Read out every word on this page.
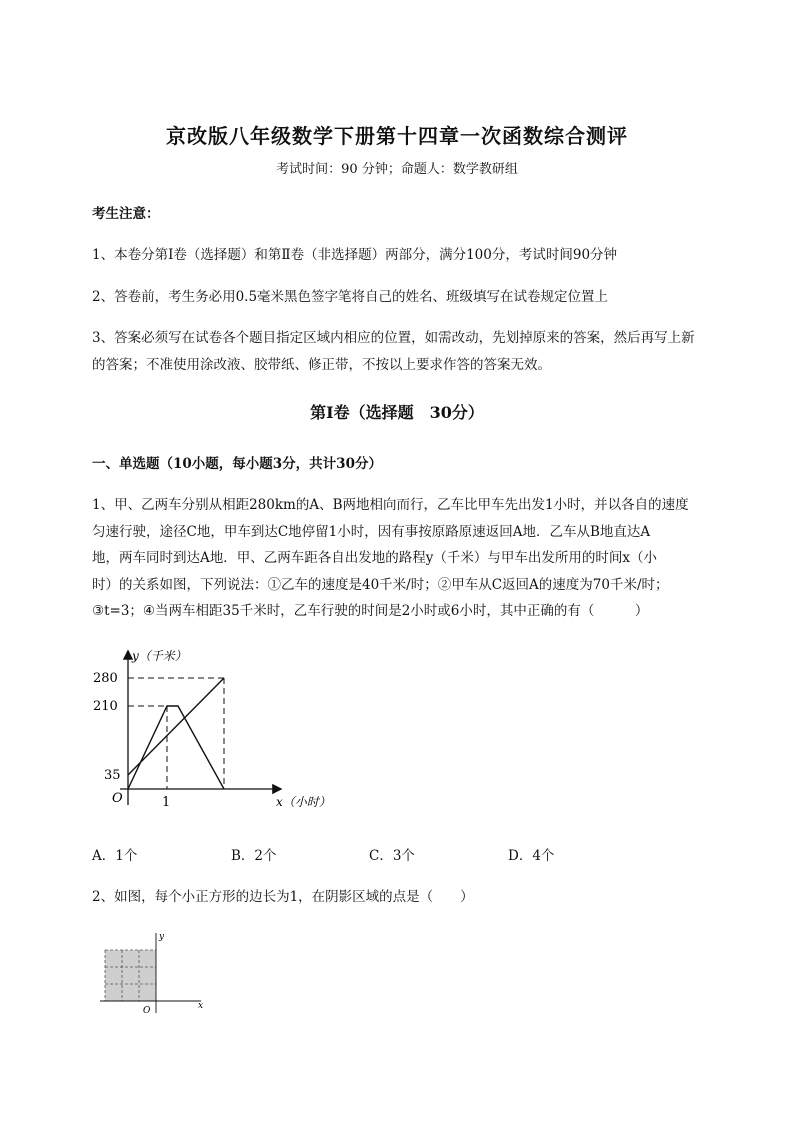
京改版八年级数学下册第十四章一次函数综合测评
考试时间：90 分钟；命题人：数学教研组
考生注意：
1、本卷分第Ⅰ卷（选择题）和第Ⅱ卷（非选择题）两部分，满分100分，考试时间90分钟
2、答卷前，考生务必用0.5毫米黑色签字笔将自己的姓名、班级填写在试卷规定位置上
3、答案必须写在试卷各个题目指定区域内相应的位置，如需改动，先划掉原来的答案，然后再写上新
的答案；不准使用涂改液、胶带纸、修正带，不按以上要求作答的答案无效。
第Ⅰ卷（选择题　30分）
一、单选题（10小题，每小题3分，共计30分）
1、甲、乙两车分别从相距280km的A、B两地相向而行，乙车比甲车先出发1小时，并以各自的速度
匀速行驶，途径C地，甲车到达C地停留1小时，因有事按原路原速返回A地．乙车从B地直达A
地，两车同时到达A地．甲、乙两车距各自出发地的路程y（千米）与甲车出发所用的时间x（小
时）的关系如图，下列说法：①乙车的速度是40千米/时；②甲车从C返回A的速度为70千米/时；
③t=3；④当两车相距35千米时，乙车行驶的时间是2小时或6小时，其中正确的有（　　　）
y（千米）
280
210
35
O	1	x（小时）
A．1个	B．2个	C．3个	D．4个
2、如图，每个小正方形的边长为1，在阴影区域的点是（　　）
y
x
O
